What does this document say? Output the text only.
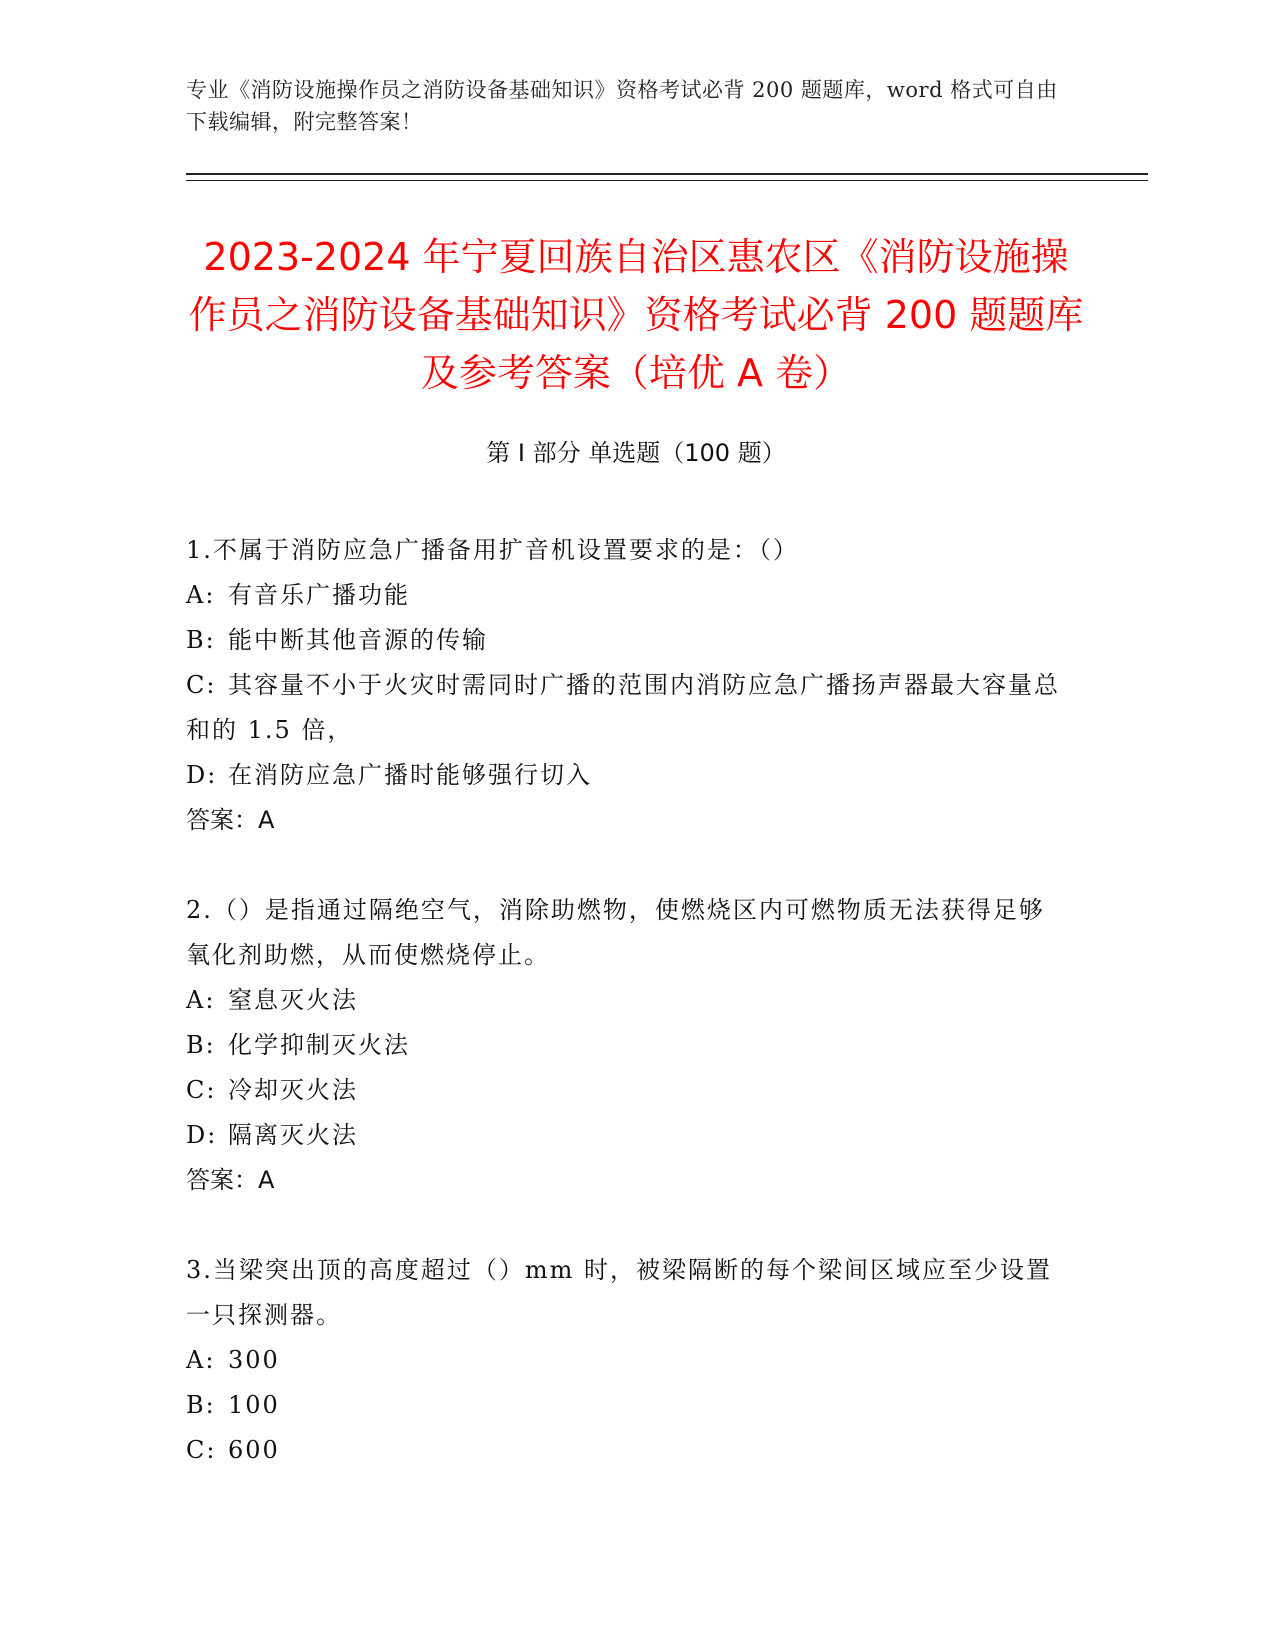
专业《消防设施操作员之消防设备基础知识》资格考试必背 200 题题库，word 格式可自由下载编辑，附完整答案！
2023-2024 年宁夏回族自治区惠农区《消防设施操作员之消防设备基础知识》资格考试必背 200 题题库及参考答案（培优 A 卷）
第 I 部分 单选题（100 题）
1.不属于消防应急广播备用扩音机设置要求的是：（）
A: 有音乐广播功能
B: 能中断其他音源的传输
C: 其容量不小于火灾时需同时广播的范围内消防应急广播扬声器最大容量总和的 1.5 倍，
D: 在消防应急广播时能够强行切入
答案：A
2.（）是指通过隔绝空气，消除助燃物，使燃烧区内可燃物质无法获得足够氧化剂助燃，从而使燃烧停止。
A: 窒息灭火法
B: 化学抑制灭火法
C: 冷却灭火法
D: 隔离灭火法
答案：A
3.当梁突出顶的高度超过（）mm 时，被梁隔断的每个梁间区域应至少设置一只探测器。
A: 300
B: 100
C: 600
